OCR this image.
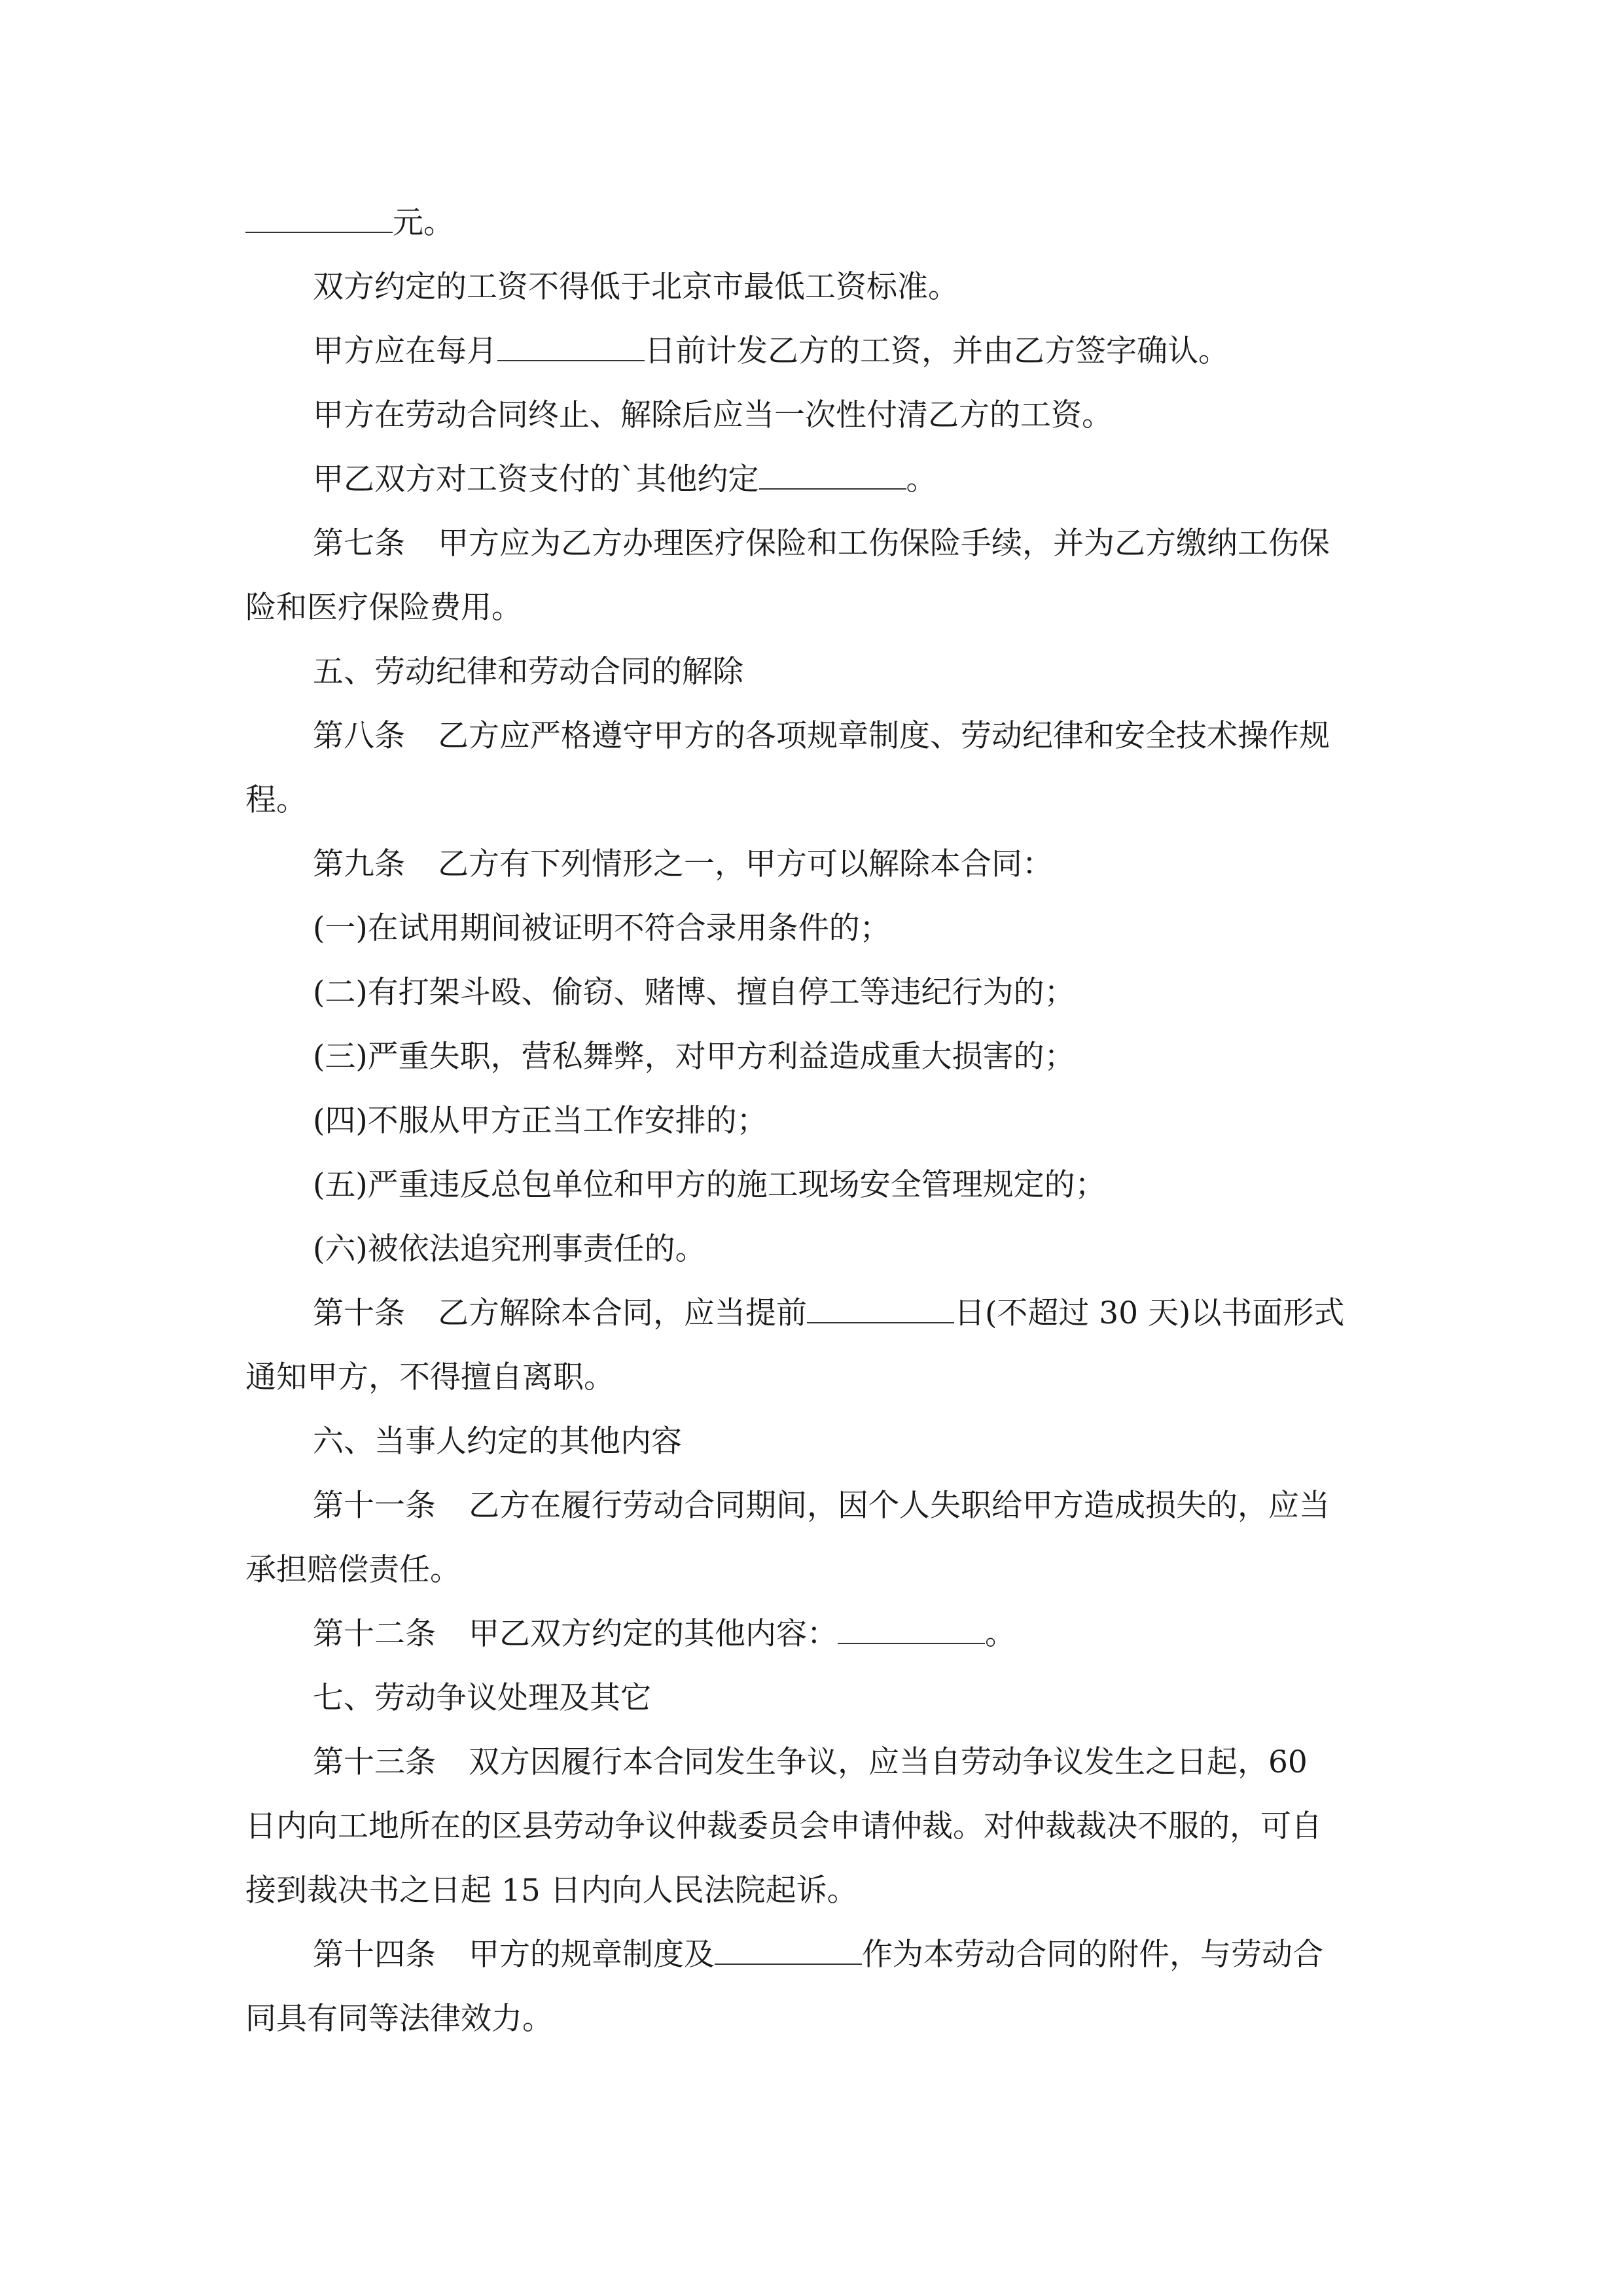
元。
双方约定的工资不得低于北京市最低工资标准。
甲方应在每月	日前计发乙方的工资，并由乙方签字确认。
甲方在劳动合同终止、解除后应当一次性付清乙方的工资。
甲乙双方对工资支付的`其他约定	。
第七条 甲方应为乙方办理医疗保险和工伤保险手续，并为乙方缴纳工伤保
险和医疗保险费用。
五、劳动纪律和劳动合同的解除
第八条 乙方应严格遵守甲方的各项规章制度、劳动纪律和安全技术操作规
程。
第九条 乙方有下列情形之一，甲方可以解除本合同：
(一)在试用期间被证明不符合录用条件的；
(二)有打架斗殴、偷窃、赌博、擅自停工等违纪行为的；
(三)严重失职，营私舞弊，对甲方利益造成重大损害的；
(四)不服从甲方正当工作安排的；
(五)严重违反总包单位和甲方的施工现场安全管理规定的；
(六)被依法追究刑事责任的。
第十条 乙方解除本合同，应当提前	日(不超过 30 天)以书面形式
通知甲方，不得擅自离职。
六、当事人约定的其他内容
第十一条 乙方在履行劳动合同期间，因个人失职给甲方造成损失的，应当
承担赔偿责任。
第十二条 甲乙双方约定的其他内容：	。
七、劳动争议处理及其它
第十三条 双方因履行本合同发生争议，应当自劳动争议发生之日起，60
日内向工地所在的区县劳动争议仲裁委员会申请仲裁。对仲裁裁决不服的，可自
接到裁决书之日起 15 日内向人民法院起诉。
第十四条 甲方的规章制度及	作为本劳动合同的附件，与劳动合
同具有同等法律效力。
